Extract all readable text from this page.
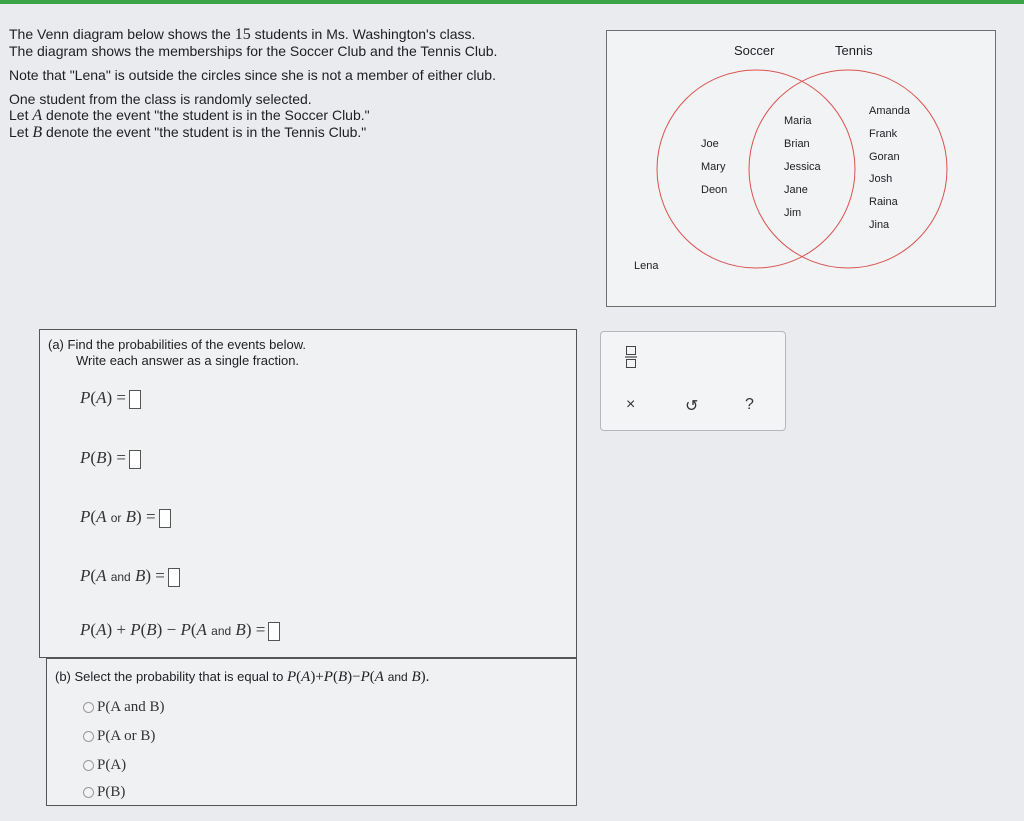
The Venn diagram below shows the 15 students in Ms. Washington's class.
The diagram shows the memberships for the Soccer Club and the Tennis Club.

Note that "Lena" is outside the circles since she is not a member of either club.

One student from the class is randomly selected.
Let A denote the event "the student is in the Soccer Club."
Let B denote the event "the student is in the Tennis Club."

Soccer	Tennis
Joe
Mary
Deon
Maria
Brian
Jessica
Jane
Jim
Amanda
Frank
Goran
Josh
Raina
Jina
Lena
(a) Find the probabilities of the events below.
Write each answer as a single fraction.
P(A) =
P(B) =
P(A or B) =
P(A and B) =
P(A) + P(B) − P(A and B) =
(b) Select the probability that is equal to P(A)+P(B)−P(A and B).
P(A and B)
P(A or B)
P(A)
P(B)
×	↺	?
